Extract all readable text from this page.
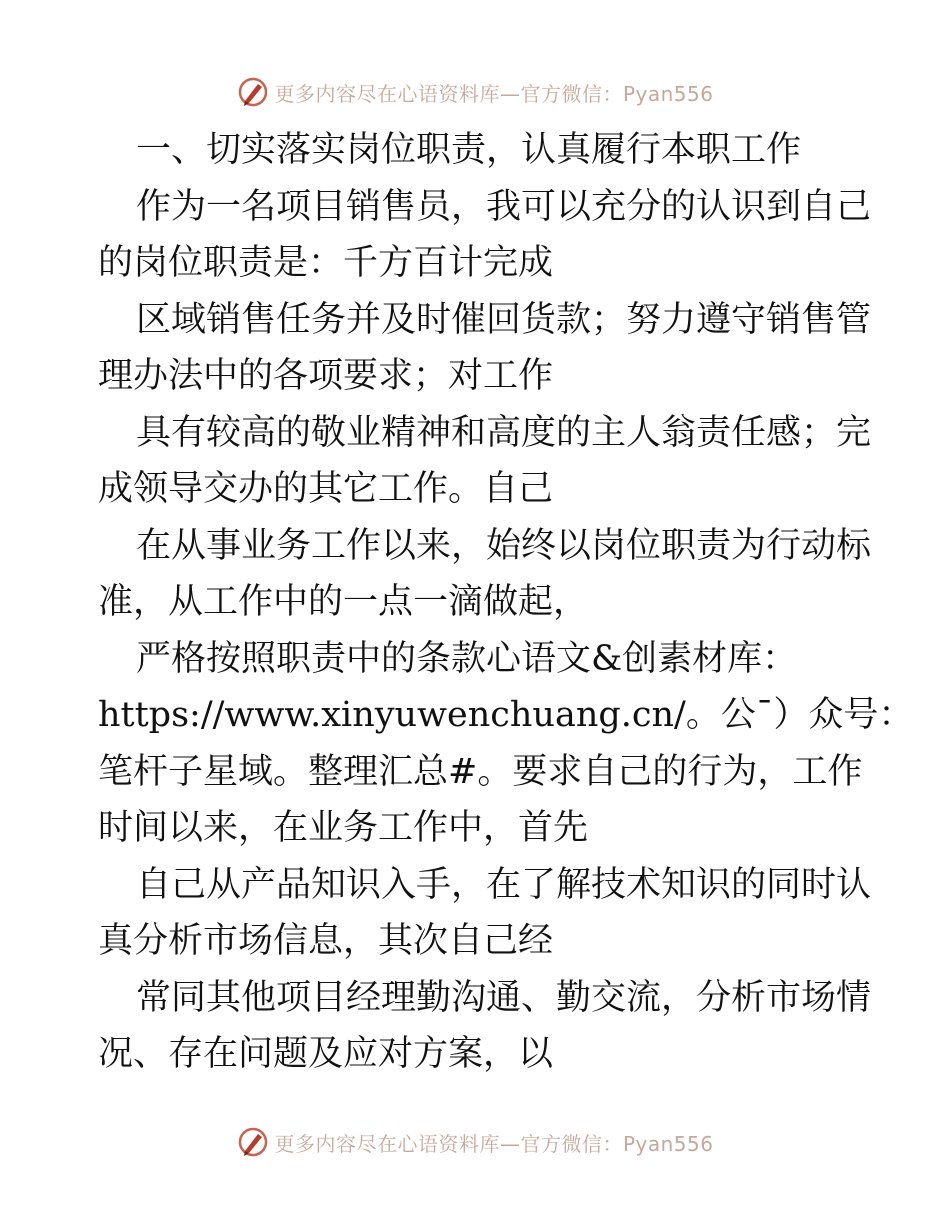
更多内容尽在心语资料库—官方微信：Pyan556

一、切实落实岗位职责，认真履行本职工作

作为一名项目销售员，我可以充分的认识到自己

的岗位职责是：千方百计完成

区域销售任务并及时催回货款；努力遵守销售管

理办法中的各项要求；对工作

具有较高的敬业精神和高度的主人翁责任感；完

成领导交办的其它工作。自己

在从事业务工作以来，始终以岗位职责为行动标

准，从工作中的一点一滴做起，

严格按照职责中的条款心语文&创素材库：

https://www.xinyuwenchuang.cn/。公¯）众号：

笔杆子星域。整理汇总#。要求自己的行为，工作

时间以来，在业务工作中，首先

自己从产品知识入手，在了解技术知识的同时认

真分析市场信息，其次自己经

常同其他项目经理勤沟通、勤交流，分析市场情

况、存在问题及应对方案，以

更多内容尽在心语资料库—官方微信：Pyan556
